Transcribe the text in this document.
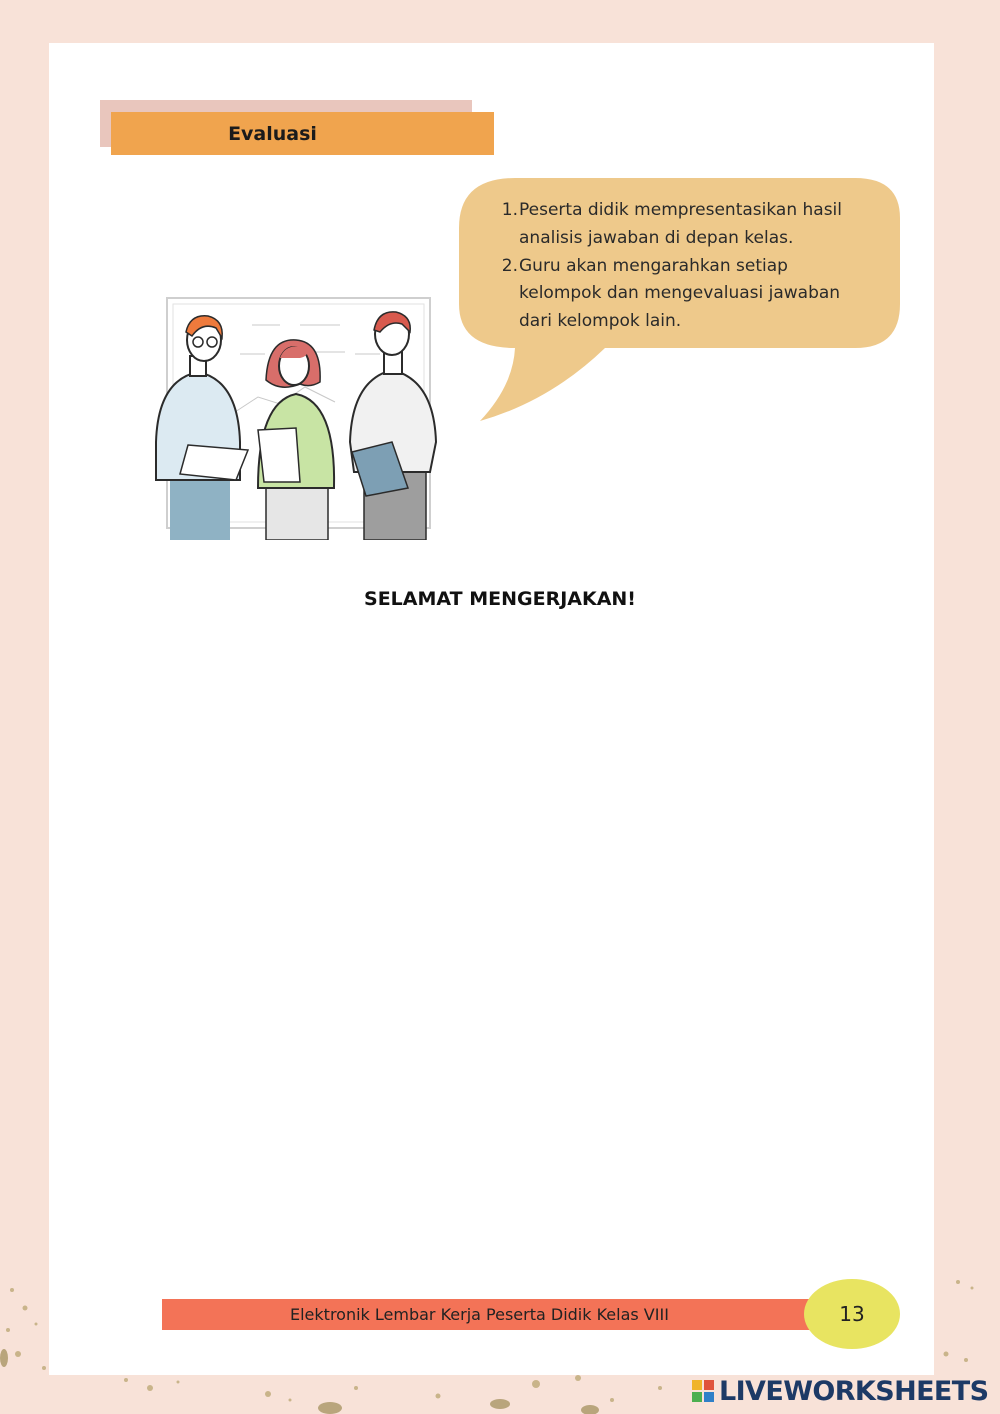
Evaluasi
1. Peserta didik mempresentasikan hasil analisis jawaban di depan kelas.
2. Guru akan mengarahkan setiap kelompok dan mengevaluasi jawaban dari kelompok lain.
SELAMAT MENGERJAKAN!
Elektronik Lembar Kerja Peserta Didik Kelas VIII	13
LIVEWORKSHEETS
